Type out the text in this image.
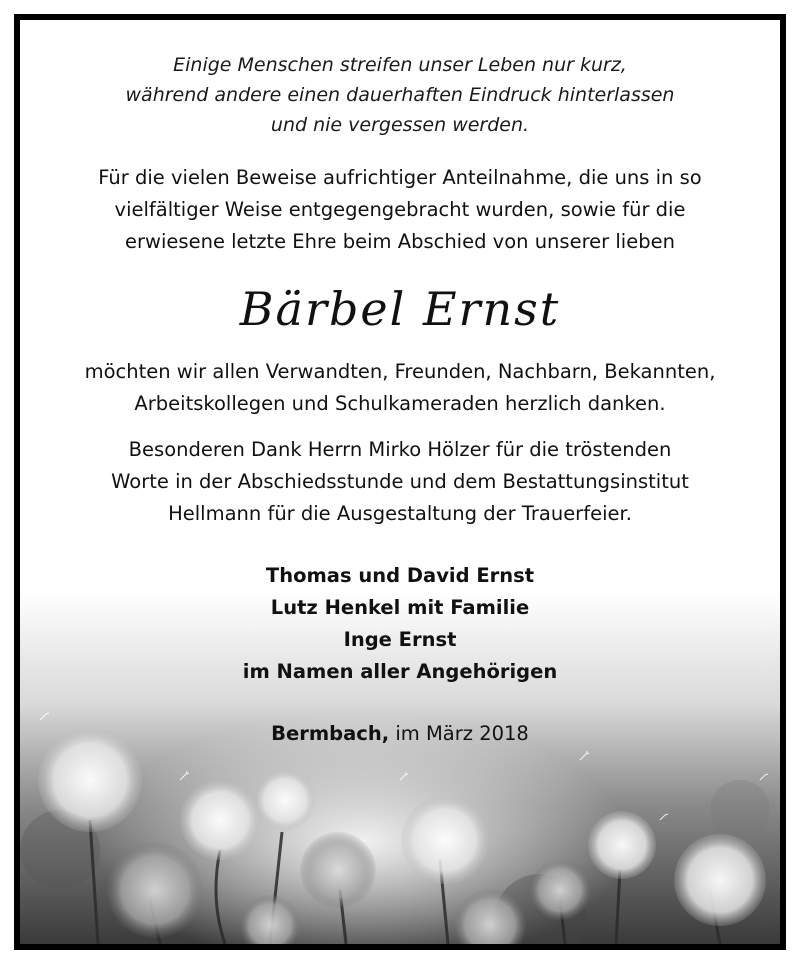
Einige Menschen streifen unser Leben nur kurz,
während andere einen dauerhaften Eindruck hinterlassen
und nie vergessen werden.
Für die vielen Beweise aufrichtiger Anteilnahme, die uns in so
vielfältiger Weise entgegengebracht wurden, sowie für die
erwiesene letzte Ehre beim Abschied von unserer lieben
Bärbel Ernst
möchten wir allen Verwandten, Freunden, Nachbarn, Bekannten,
Arbeitskollegen und Schulkameraden herzlich danken.
Besonderen Dank Herrn Mirko Hölzer für die tröstenden
Worte in der Abschiedsstunde und dem Bestattungsinstitut
Hellmann für die Ausgestaltung der Trauerfeier.
Thomas und David Ernst
Lutz Henkel mit Familie
Inge Ernst
im Namen aller Angehörigen
Bermbach, im März 2018
